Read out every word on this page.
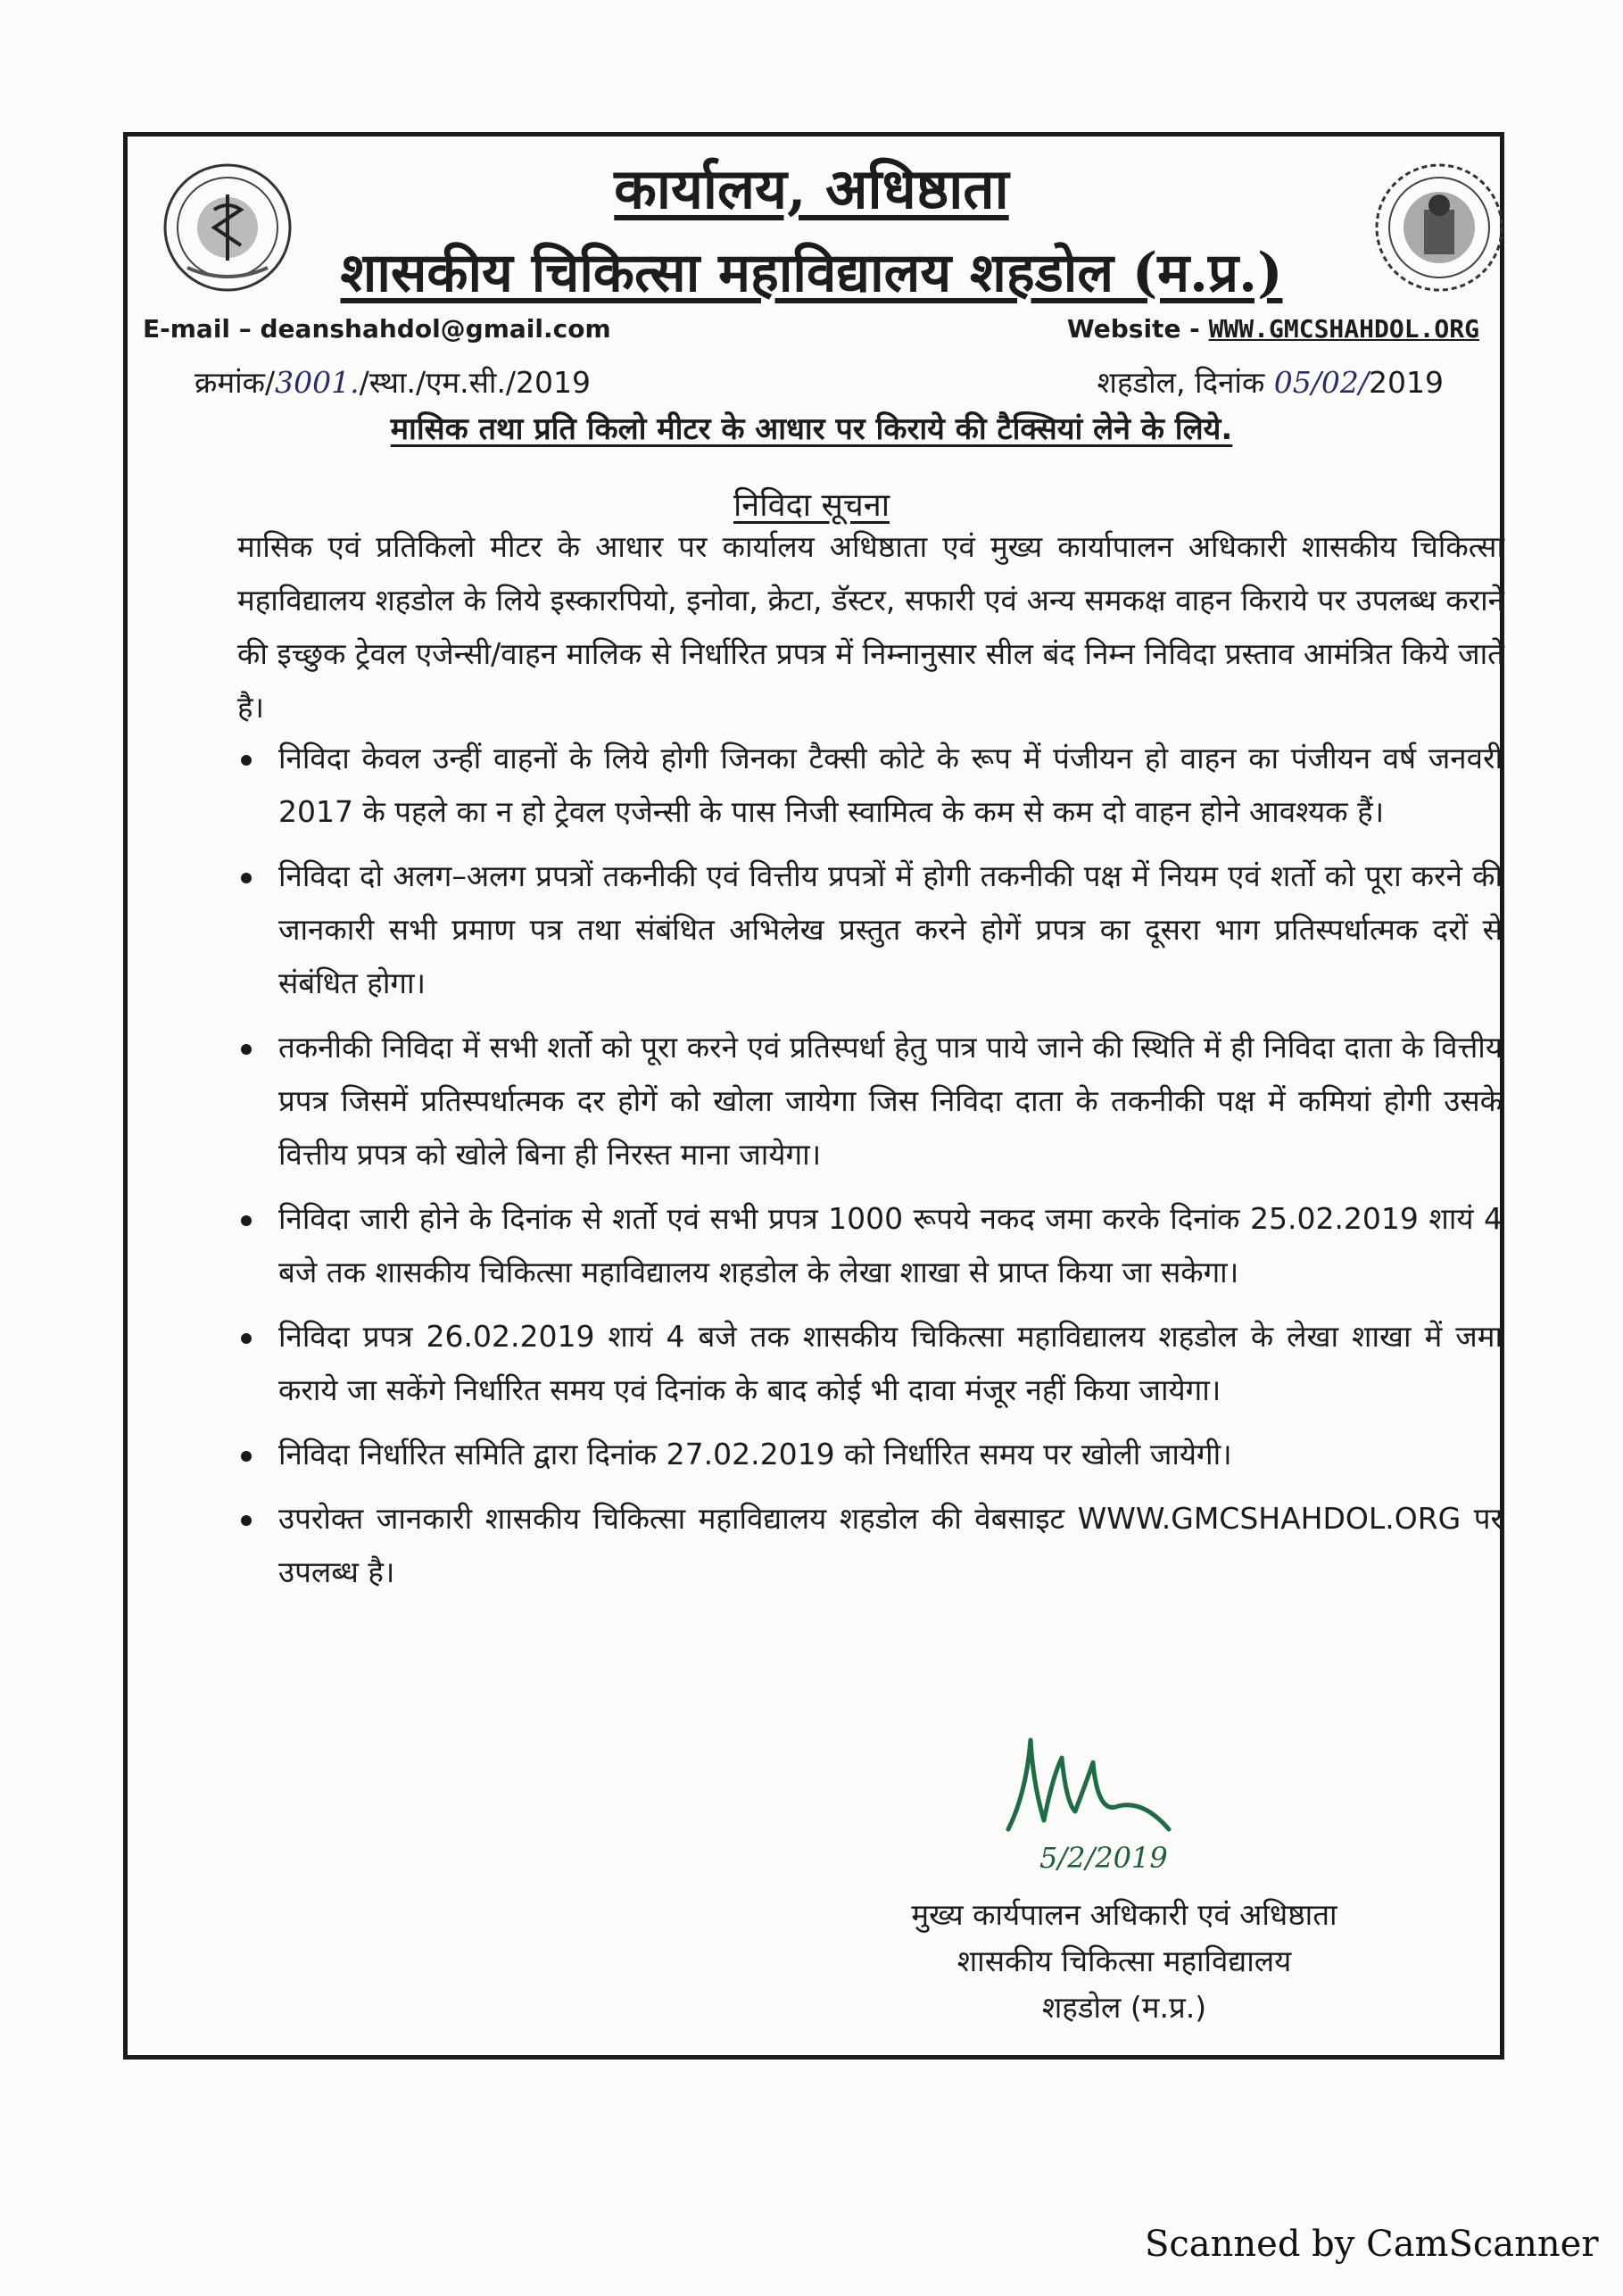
कार्यालय, अधिष्ठाता
शासकीय चिकित्सा महाविद्यालय शहडोल (म.प्र.)
E-mail – deanshahdol@gmail.com	Website - WWW.GMCSHAHDOL.ORG
क्रमांक/3001./स्था./एम.सी./2019	शहडोल, दिनांक 05/02/2019
मासिक तथा प्रति किलो मीटर के आधार पर किराये की टैक्सियां लेने के लिये.
निविदा सूचना
मासिक एवं प्रतिकिलो मीटर के आधार पर कार्यालय अधिष्ठाता एवं मुख्य कार्यापालन अधिकारी शासकीय चिकित्सा महाविद्यालय शहडोल के लिये इस्कारपियो, इनोवा, क्रेटा, डॅस्टर, सफारी एवं अन्य समकक्ष वाहन किराये पर उपलब्ध कराने की इच्छुक ट्रेवल एजेन्सी/वाहन मालिक से निर्धारित प्रपत्र में निम्नानुसार सील बंद निम्न निविदा प्रस्ताव आमंत्रित किये जाते है।
निविदा केवल उन्हीं वाहनों के लिये होगी जिनका टैक्सी कोटे के रूप में पंजीयन हो वाहन का पंजीयन वर्ष जनवरी 2017 के पहले का न हो ट्रेवल एजेन्सी के पास निजी स्वामित्व के कम से कम दो वाहन होने आवश्यक हैं।
निविदा दो अलग–अलग प्रपत्रों तकनीकी एवं वित्तीय प्रपत्रों में होगी तकनीकी पक्ष में नियम एवं शर्तो को पूरा करने की जानकारी सभी प्रमाण पत्र तथा संबंधित अभिलेख प्रस्तुत करने होगें प्रपत्र का दूसरा भाग प्रतिस्पर्धात्मक दरों से संबंधित होगा।
तकनीकी निविदा में सभी शर्तो को पूरा करने एवं प्रतिस्पर्धा हेतु पात्र पाये जाने की स्थिति में ही निविदा दाता के वित्तीय प्रपत्र जिसमें प्रतिस्पर्धात्मक दर होगें को खोला जायेगा जिस निविदा दाता के तकनीकी पक्ष में कमियां होगी उसके वित्तीय प्रपत्र को खोले बिना ही निरस्त माना जायेगा।
निविदा जारी होने के दिनांक से शर्तो एवं सभी प्रपत्र 1000 रूपये नकद जमा करके दिनांक 25.02.2019 शायं 4 बजे तक शासकीय चिकित्सा महाविद्यालय शहडोल के लेखा शाखा से प्राप्त किया जा सकेगा।
निविदा प्रपत्र 26.02.2019 शायं 4 बजे तक शासकीय चिकित्सा महाविद्यालय शहडोल के लेखा शाखा में जमा कराये जा सकेंगे निर्धारित समय एवं दिनांक के बाद कोई भी दावा मंजूर नहीं किया जायेगा।
निविदा निर्धारित समिति द्वारा दिनांक 27.02.2019 को निर्धारित समय पर खोली जायेगी।
उपरोक्त जानकारी शासकीय चिकित्सा महाविद्यालय शहडोल की वेबसाइट WWW.GMCSHAHDOL.ORG पर उपलब्ध है।
5/2/2019
मुख्य कार्यपालन अधिकारी एवं अधिष्ठाता
शासकीय चिकित्सा महाविद्यालय
शहडोल (म.प्र.)
Scanned by CamScanner
